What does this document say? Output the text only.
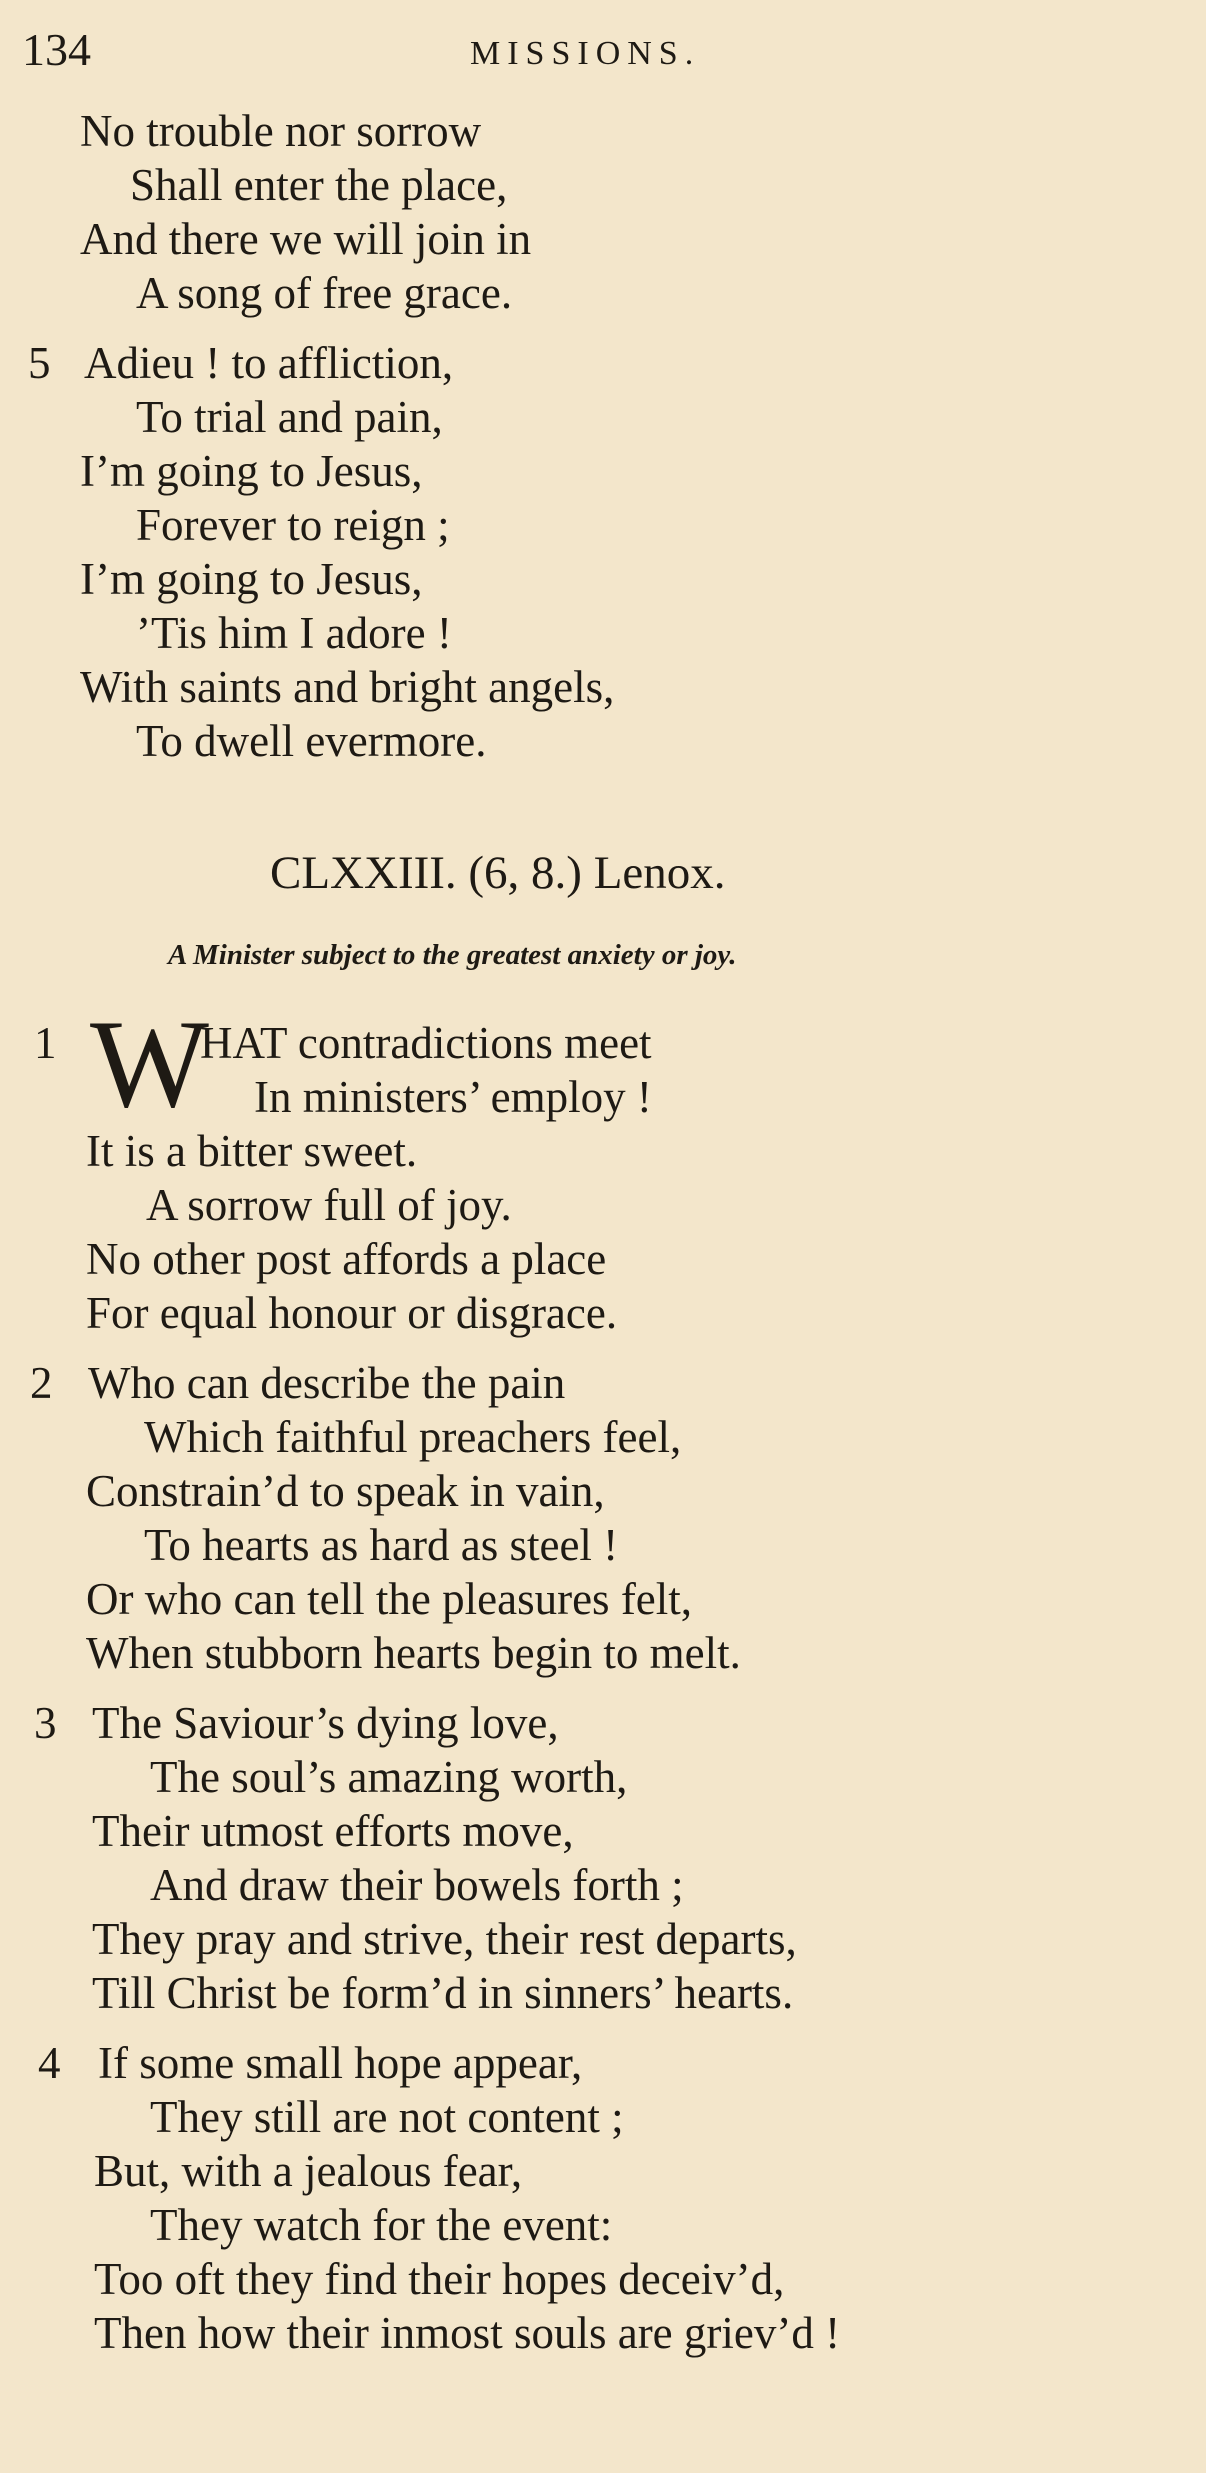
134	MISSIONS.
No trouble nor sorrow
Shall enter the place,
And there we will join in
A song of free grace.
5 Adieu ! to affliction,
To trial and pain,
I’m going to Jesus,
Forever to reign ;
I’m going to Jesus,
’Tis him I adore !
With saints and bright angels,
To dwell evermore.
CLXXIII. (6, 8.) Lenox.
A Minister subject to the greatest anxiety or joy.
1 W
HAT contradictions meet
In ministers’ employ !
It is a bitter sweet.
A sorrow full of joy.
No other post affords a place
For equal honour or disgrace.
2 Who can describe the pain
Which faithful preachers feel,
Constrain’d to speak in vain,
To hearts as hard as steel !
Or who can tell the pleasures felt,
When stubborn hearts begin to melt.
3 The Saviour’s dying love,
The soul’s amazing worth,
Their utmost efforts move,
And draw their bowels forth ;
They pray and strive, their rest departs,
Till Christ be form’d in sinners’ hearts.
4 If some small hope appear,
They still are not content ;
But, with a jealous fear,
They watch for the event:
Too oft they find their hopes deceiv’d,
Then how their inmost souls are griev’d !
